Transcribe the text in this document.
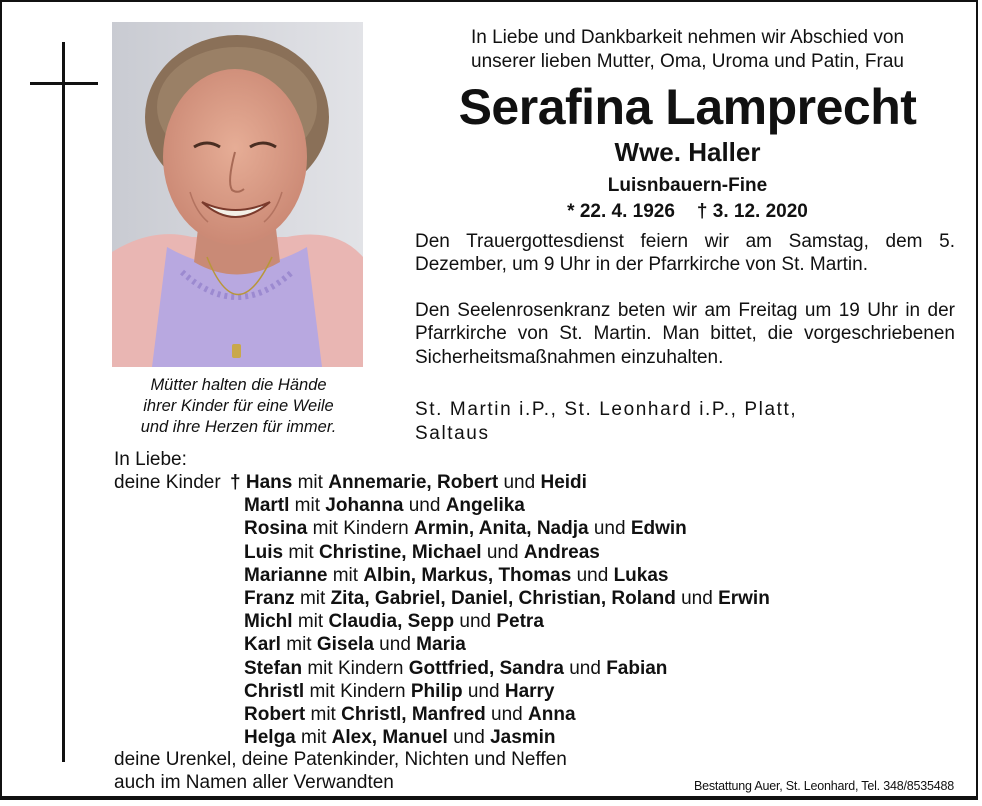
Mütter halten die Hände
ihrer Kinder für eine Weile
und ihre Herzen für immer.
In Liebe und Dankbarkeit nehmen wir Abschied von
unserer lieben Mutter, Oma, Uroma und Patin, Frau
Serafina Lamprecht
Wwe. Haller
Luisnbauern-Fine
* 22. 4. 1926 † 3. 12. 2020
Den Trauergottesdienst feiern wir am Samstag, dem 5. Dezember, um 9 Uhr in der Pfarrkirche von St. Martin.
Den Seelenrosenkranz beten wir am Freitag um 19 Uhr in der Pfarrkirche von St. Martin. Man bittet, die vorgeschriebenen Sicherheitsmaßnahmen einzuhalten.
St. Martin i.P., St. Leonhard i.P., Platt,
Saltaus
In Liebe:
deine Kinder † Hans mit Annemarie, Robert und Heidi
Martl mit Johanna und Angelika
Rosina mit Kindern Armin, Anita, Nadja und Edwin
Luis mit Christine, Michael und Andreas
Marianne mit Albin, Markus, Thomas und Lukas
Franz mit Zita, Gabriel, Daniel, Christian, Roland und Erwin
Michl mit Claudia, Sepp und Petra
Karl mit Gisela und Maria
Stefan mit Kindern Gottfried, Sandra und Fabian
Christl mit Kindern Philip und Harry
Robert mit Christl, Manfred und Anna
Helga mit Alex, Manuel und Jasmin
deine Urenkel, deine Patenkinder, Nichten und Neffen
auch im Namen aller Verwandten	Bestattung Auer, St. Leonhard, Tel. 348/8535488
